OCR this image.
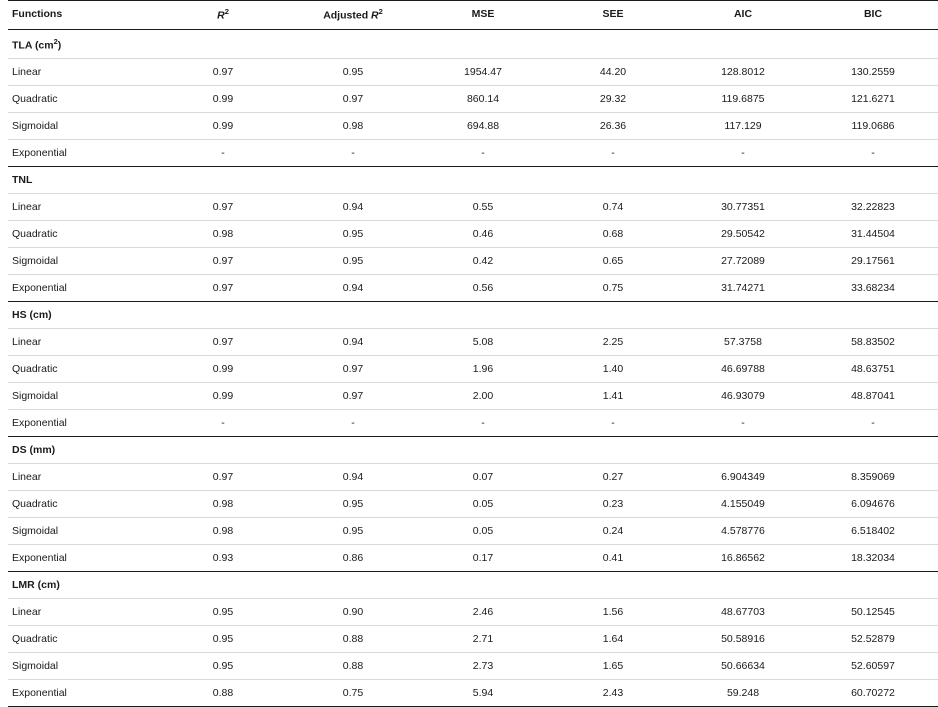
Functions	$R^2$	Adjusted $R^2$	MSE	SEE	AIC	BIC
TLA $(cm^2)$						
Linear	0.97	0.95	1954.47	44.20	128.8012	130.2559
Quadratic	0.99	0.97	860.14	29.32	119.6875	121.6271
Sigmoidal	0.99	0.98	694.88	26.36	117.129	119.0686
Exponential	-	-	-	-	-	-
TNL						
Linear	0.97	0.94	0.55	0.74	30.77351	32.22823
Quadratic	0.98	0.95	0.46	0.68	29.50542	31.44504
Sigmoidal	0.97	0.95	0.42	0.65	27.72089	29.17561
Exponential	0.97	0.94	0.56	0.75	31.74271	33.68234
HS (cm)						
Linear	0.97	0.94	5.08	2.25	57.3758	58.83502
Quadratic	0.99	0.97	1.96	1.40	46.69788	48.63751
Sigmoidal	0.99	0.97	2.00	1.41	46.93079	48.87041
Exponential	-	-	-	-	-	-
DS (mm)						
Linear	0.97	0.94	0.07	0.27	6.904349	8.359069
Quadratic	0.98	0.95	0.05	0.23	4.155049	6.094676
Sigmoidal	0.98	0.95	0.05	0.24	4.578776	6.518402
Exponential	0.93	0.86	0.17	0.41	16.86562	18.32034
LMR (cm)						
Linear	0.95	0.90	2.46	1.56	48.67703	50.12545
Quadratic	0.95	0.88	2.71	1.64	50.58916	52.52879
Sigmoidal	0.95	0.88	2.73	1.65	50.66634	52.60597
Exponential	0.88	0.75	5.94	2.43	59.248	60.70272
